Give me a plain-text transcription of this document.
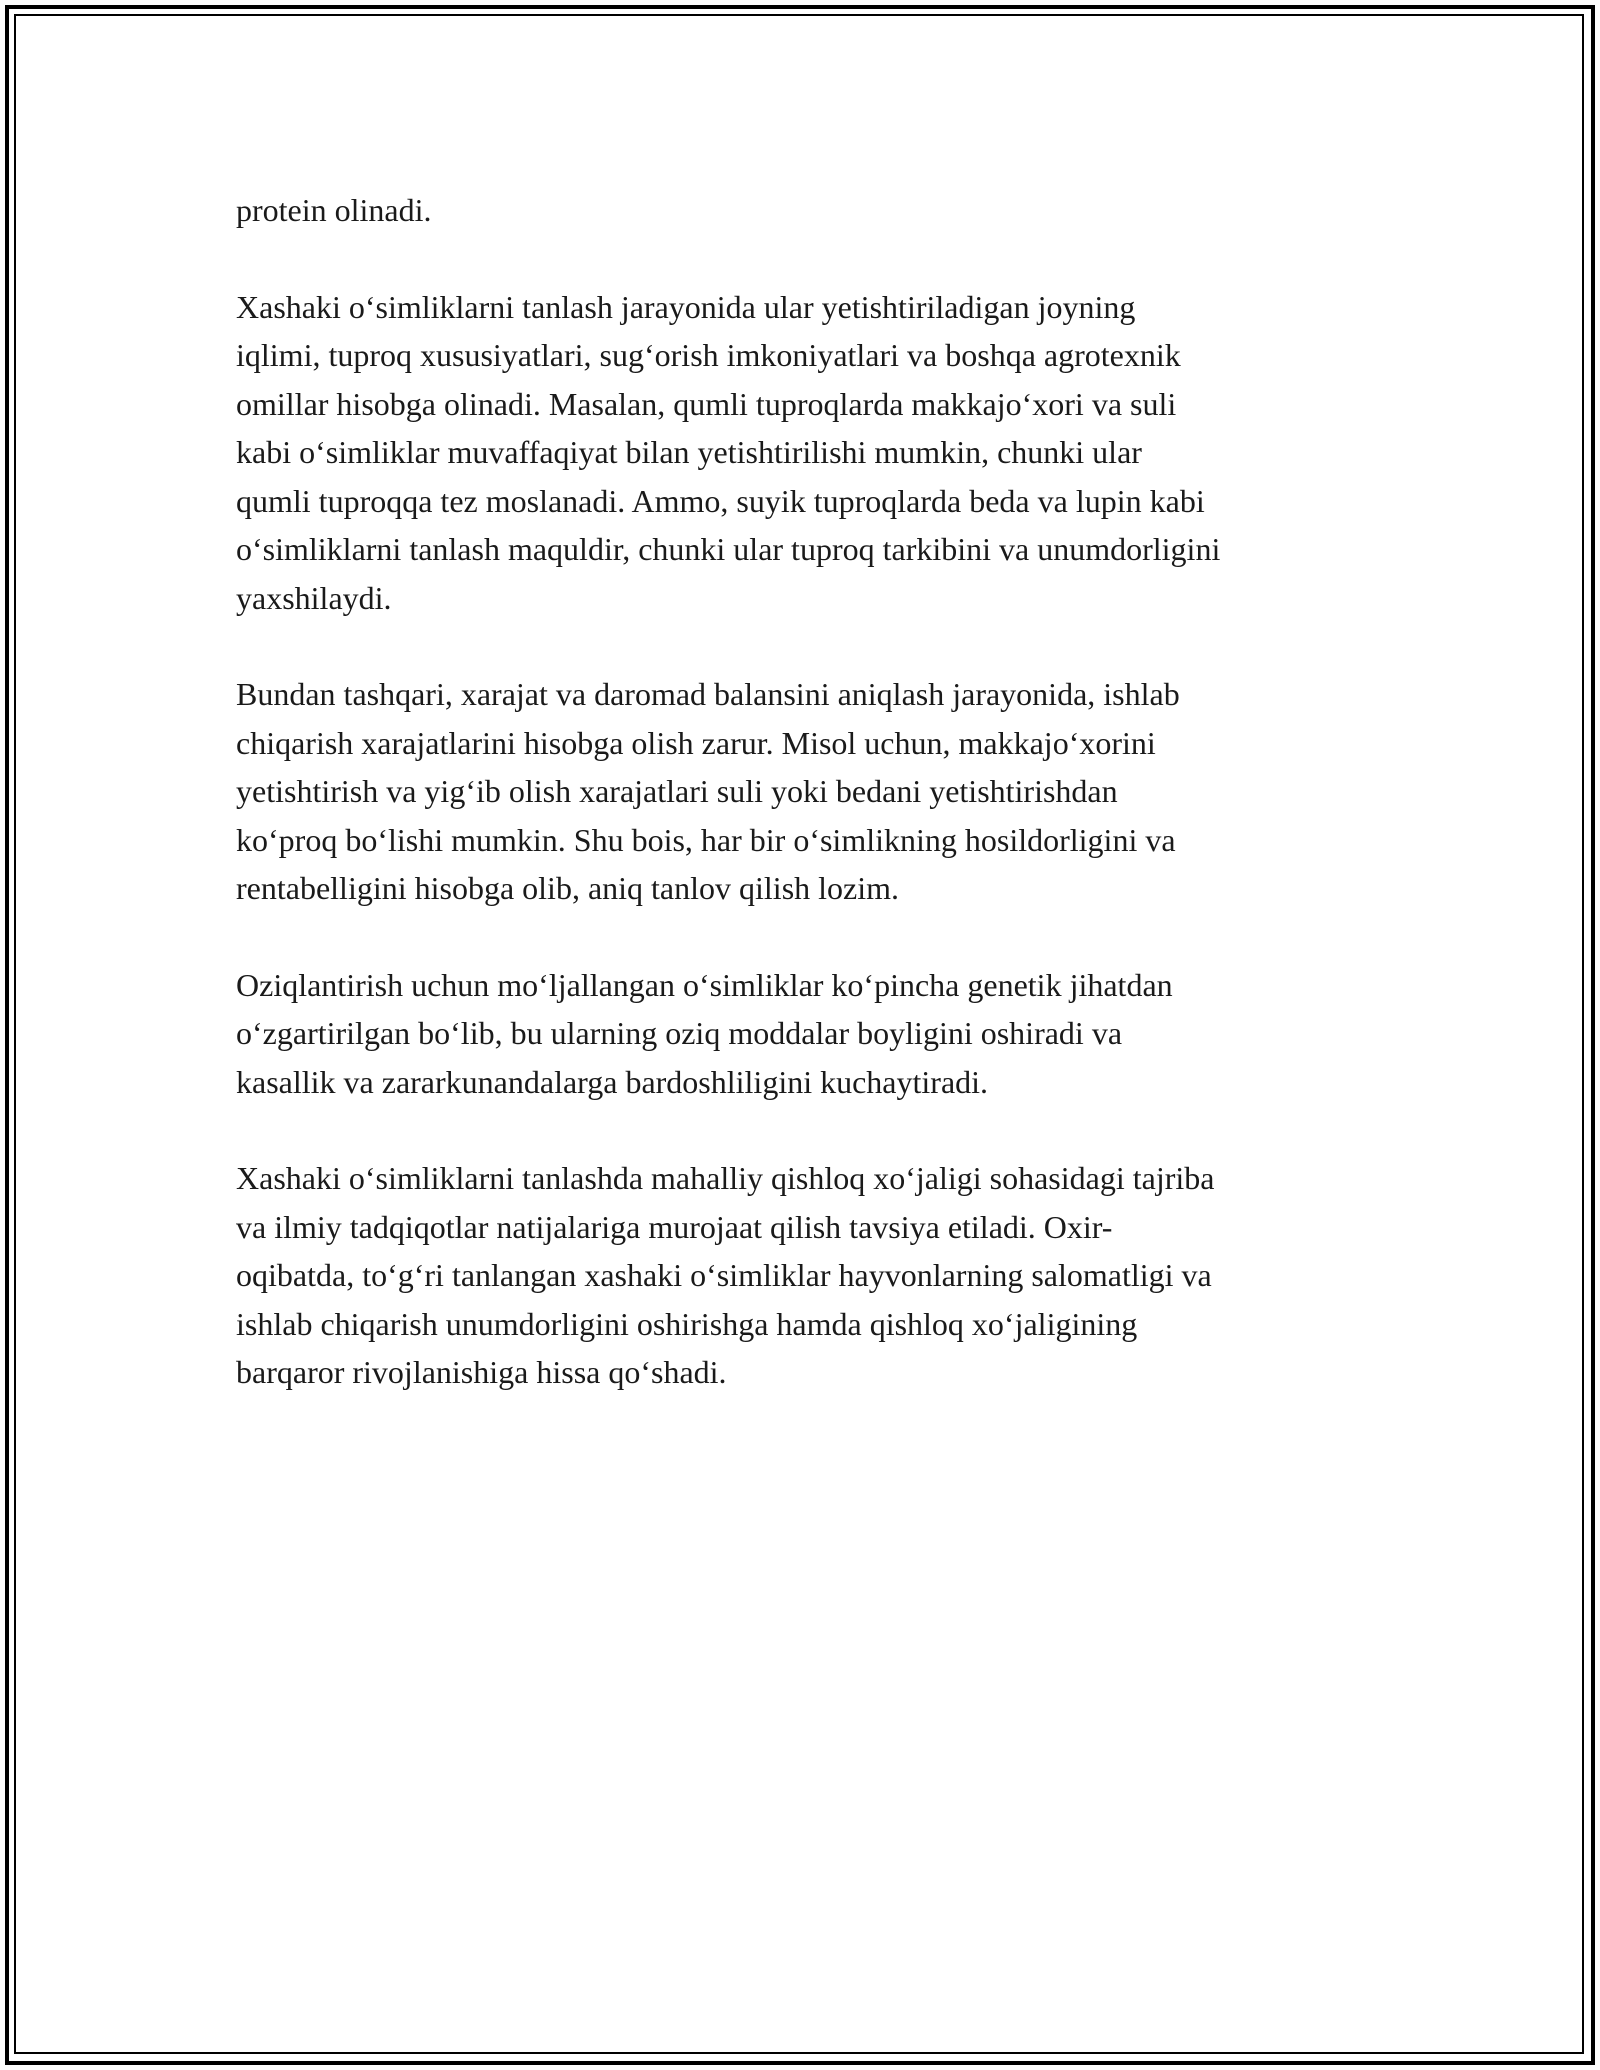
protein olinadi.

Xashaki o‘simliklarni tanlash jarayonida ular yetishtiriladigan joyning
iqlimi, tuproq xususiyatlari, sug‘orish imkoniyatlari va boshqa agrotexnik
omillar hisobga olinadi. Masalan, qumli tuproqlarda makkajo‘xori va suli
kabi o‘simliklar muvaffaqiyat bilan yetishtirilishi mumkin, chunki ular
qumli tuproqqa tez moslanadi. Ammo, suyik tuproqlarda beda va lupin kabi
o‘simliklarni tanlash maquldir, chunki ular tuproq tarkibini va unumdorligini
yaxshilaydi.

Bundan tashqari, xarajat va daromad balansini aniqlash jarayonida, ishlab
chiqarish xarajatlarini hisobga olish zarur. Misol uchun, makkajo‘xorini
yetishtirish va yig‘ib olish xarajatlari suli yoki bedani yetishtirishdan
ko‘proq bo‘lishi mumkin. Shu bois, har bir o‘simlikning hosildorligini va
rentabelligini hisobga olib, aniq tanlov qilish lozim.

Oziqlantirish uchun mo‘ljallangan o‘simliklar ko‘pincha genetik jihatdan
o‘zgartirilgan bo‘lib, bu ularning oziq moddalar boyligini oshiradi va
kasallik va zararkunandalarga bardoshliligini kuchaytiradi.

Xashaki o‘simliklarni tanlashda mahalliy qishloq xo‘jaligi sohasidagi tajriba
va ilmiy tadqiqotlar natijalariga murojaat qilish tavsiya etiladi. Oxir-
oqibatda, to‘g‘ri tanlangan xashaki o‘simliklar hayvonlarning salomatligi va
ishlab chiqarish unumdorligini oshirishga hamda qishloq xo‘jaligining
barqaror rivojlanishiga hissa qo‘shadi.
